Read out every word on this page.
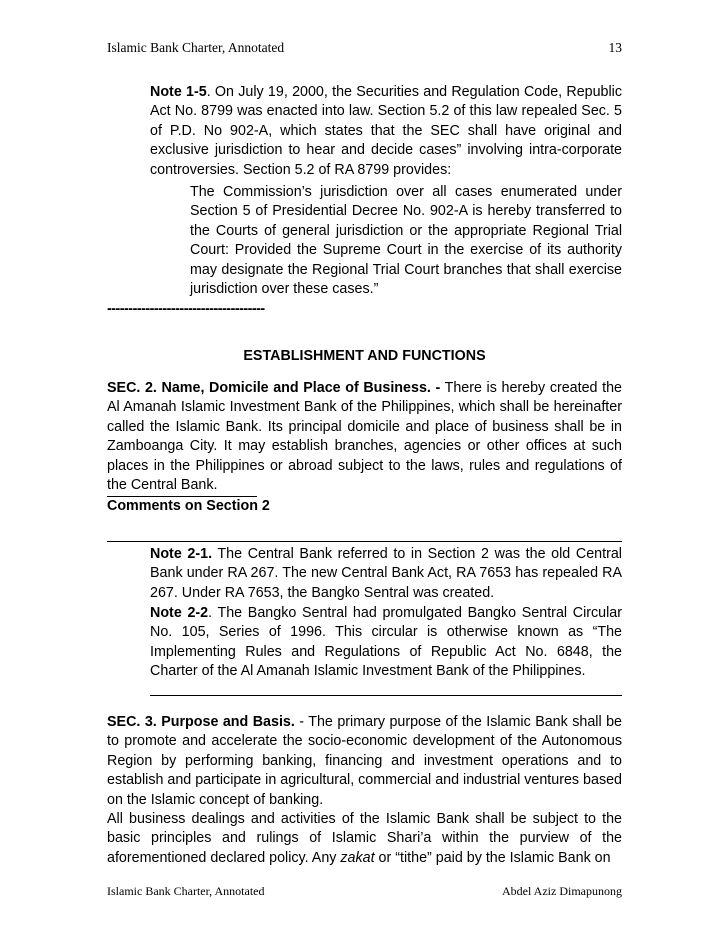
Islamic Bank Charter, Annotated	13

Note 1-5. On July 19, 2000, the Securities and Regulation Code, Republic Act No. 8799 was enacted into law. Section 5.2 of this law repealed Sec. 5 of P.D. No 902-A, which states that the SEC shall have original and exclusive jurisdiction to hear and decide cases” involving intra-corporate controversies. Section 5.2 of RA 8799 provides:

The Commission’s jurisdiction over all cases enumerated under Section 5 of Presidential Decree No. 902-A is hereby transferred to the Courts of general jurisdiction or the appropriate Regional Trial Court: Provided the Supreme Court in the exercise of its authority may designate the Regional Trial Court branches that shall exercise jurisdiction over these cases.”

-------------------------------------

ESTABLISHMENT AND FUNCTIONS

SEC. 2. Name, Domicile and Place of Business. - There is hereby created the Al Amanah Islamic Investment Bank of the Philippines, which shall be hereinafter called the Islamic Bank. Its principal domicile and place of business shall be in Zamboanga City. It may establish branches, agencies or other offices at such places in the Philippines or abroad subject to the laws, rules and regulations of the Central Bank.

Comments on Section 2

Note 2-1. The Central Bank referred to in Section 2 was the old Central Bank under RA 267. The new Central Bank Act, RA 7653 has repealed RA 267. Under RA 7653, the Bangko Sentral was created.

Note 2-2. The Bangko Sentral had promulgated Bangko Sentral Circular No. 105, Series of 1996. This circular is otherwise known as “The Implementing Rules and Regulations of Republic Act No. 6848, the Charter of the Al Amanah Islamic Investment Bank of the Philippines.

SEC. 3. Purpose and Basis. - The primary purpose of the Islamic Bank shall be to promote and accelerate the socio-economic development of the Autonomous Region by performing banking, financing and investment operations and to establish and participate in agricultural, commercial and industrial ventures based on the Islamic concept of banking.

All business dealings and activities of the Islamic Bank shall be subject to the basic principles and rulings of Islamic Shari’a within the purview of the aforementioned declared policy. Any zakat or “tithe” paid by the Islamic Bank on

Islamic Bank Charter, Annotated	Abdel Aziz Dimapunong
